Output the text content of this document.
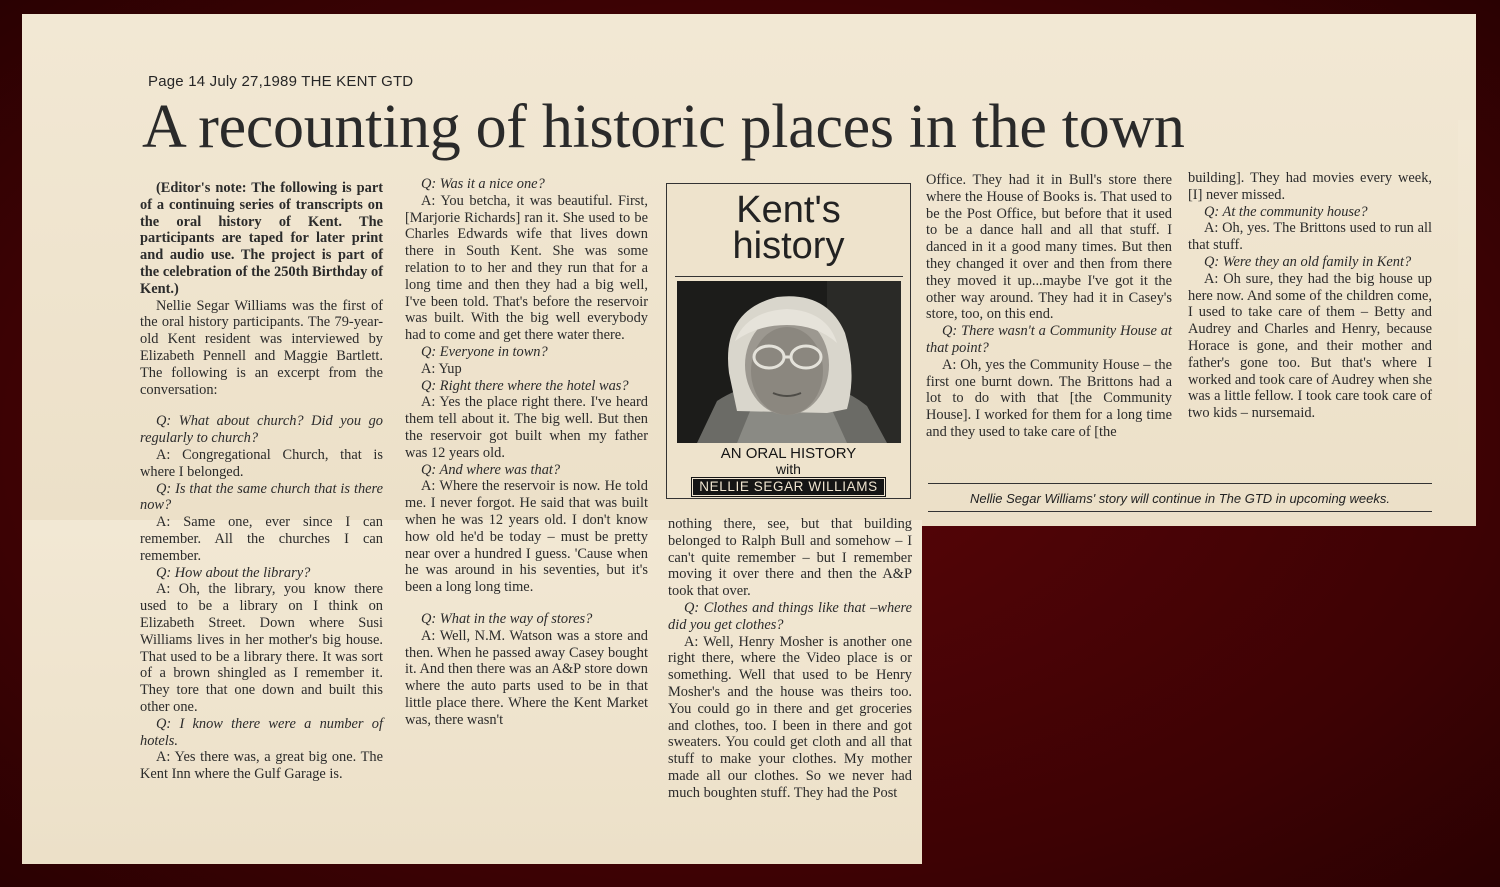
Page 14 July 27,1989 THE KENT GTD
A recounting of historic places in the town

(Editor's note: The following is part of a continuing series of transcripts on the oral history of Kent. The participants are taped for later print and audio use. The project is part of the celebration of the 250th Birthday of Kent.)

Nellie Segar Williams was the first of the oral history participants. The 79-year-old Kent resident was interviewed by Elizabeth Pennell and Maggie Bartlett. The following is an excerpt from the conversation:

Q: What about church? Did you go regularly to church?

A: Congregational Church, that is where I belonged.

Q: Is that the same church that is there now?

A: Same one, ever since I can remember. All the churches I can remember.

Q: How about the library?

A: Oh, the library, you know there used to be a library on I think on Elizabeth Street. Down where Susi Williams lives in her mother's big house. That used to be a library there. It was sort of a brown shingled as I remember it. They tore that one down and built this other one.

Q: I know there were a number of hotels.

A: Yes there was, a great big one. The Kent Inn where the Gulf Garage is.

Q: Was it a nice one?

A: You betcha, it was beautiful. First, [Marjorie Richards] ran it. She used to be Charles Edwards wife that lives down there in South Kent. She was some relation to to her and they run that for a long time and then they had a big well, I've been told. That's before the reservoir was built. With the big well everybody had to come and get there water there.

Q: Everyone in town?

A: Yup

Q: Right there where the hotel was?

A: Yes the place right there. I've heard them tell about it. The big well. But then the reservoir got built when my father was 12 years old.

Q: And where was that?

A: Where the reservoir is now. He told me. I never forgot. He said that was built when he was 12 years old. I don't know how old he'd be today – must be pretty near over a hundred I guess. 'Cause when he was around in his seventies, but it's been a long long time.

Q: What in the way of stores?

A: Well, N.M. Watson was a store and then. When he passed away Casey bought it. And then there was an A&P store down where the auto parts used to be in that little place there. Where the Kent Market was, there wasn't

Kent's
history
AN ORAL HISTORY
with
NELLIE SEGAR WILLIAMS

nothing there, see, but that building belonged to Ralph Bull and somehow – I can't quite remember – but I remember moving it over there and then the A&P took that over.

Q: Clothes and things like that –where did you get clothes?

A: Well, Henry Mosher is another one right there, where the Video place is or something. Well that used to be Henry Mosher's and the house was theirs too. You could go in there and get groceries and clothes, too. I been in there and got sweaters. You could get cloth and all that stuff to make your clothes. My mother made all our clothes. So we never had much boughten stuff. They had the Post

Office. They had it in Bull's store there where the House of Books is. That used to be the Post Office, but before that it used to be a dance hall and all that stuff. I danced in it a good many times. But then they changed it over and then from there they moved it up...maybe I've got it the other way around. They had it in Casey's store, too, on this end.

Q: There wasn't a Community House at that point?

A: Oh, yes the Community House – the first one burnt down. The Brittons had a lot to do with that [the Community House]. I worked for them for a long time and they used to take care of [the

building]. They had movies every week, [I] never missed.

Q: At the community house?

A: Oh, yes. The Brittons used to run all that stuff.

Q: Were they an old family in Kent?

A: Oh sure, they had the big house up here now. And some of the children come, I used to take care of them – Betty and Audrey and Charles and Henry, because Horace is gone, and their mother and father's gone too. But that's where I worked and took care of Audrey when she was a little fellow. I took care took care of two kids – nursemaid.

Nellie Segar Williams' story will continue in The GTD in upcoming weeks.
